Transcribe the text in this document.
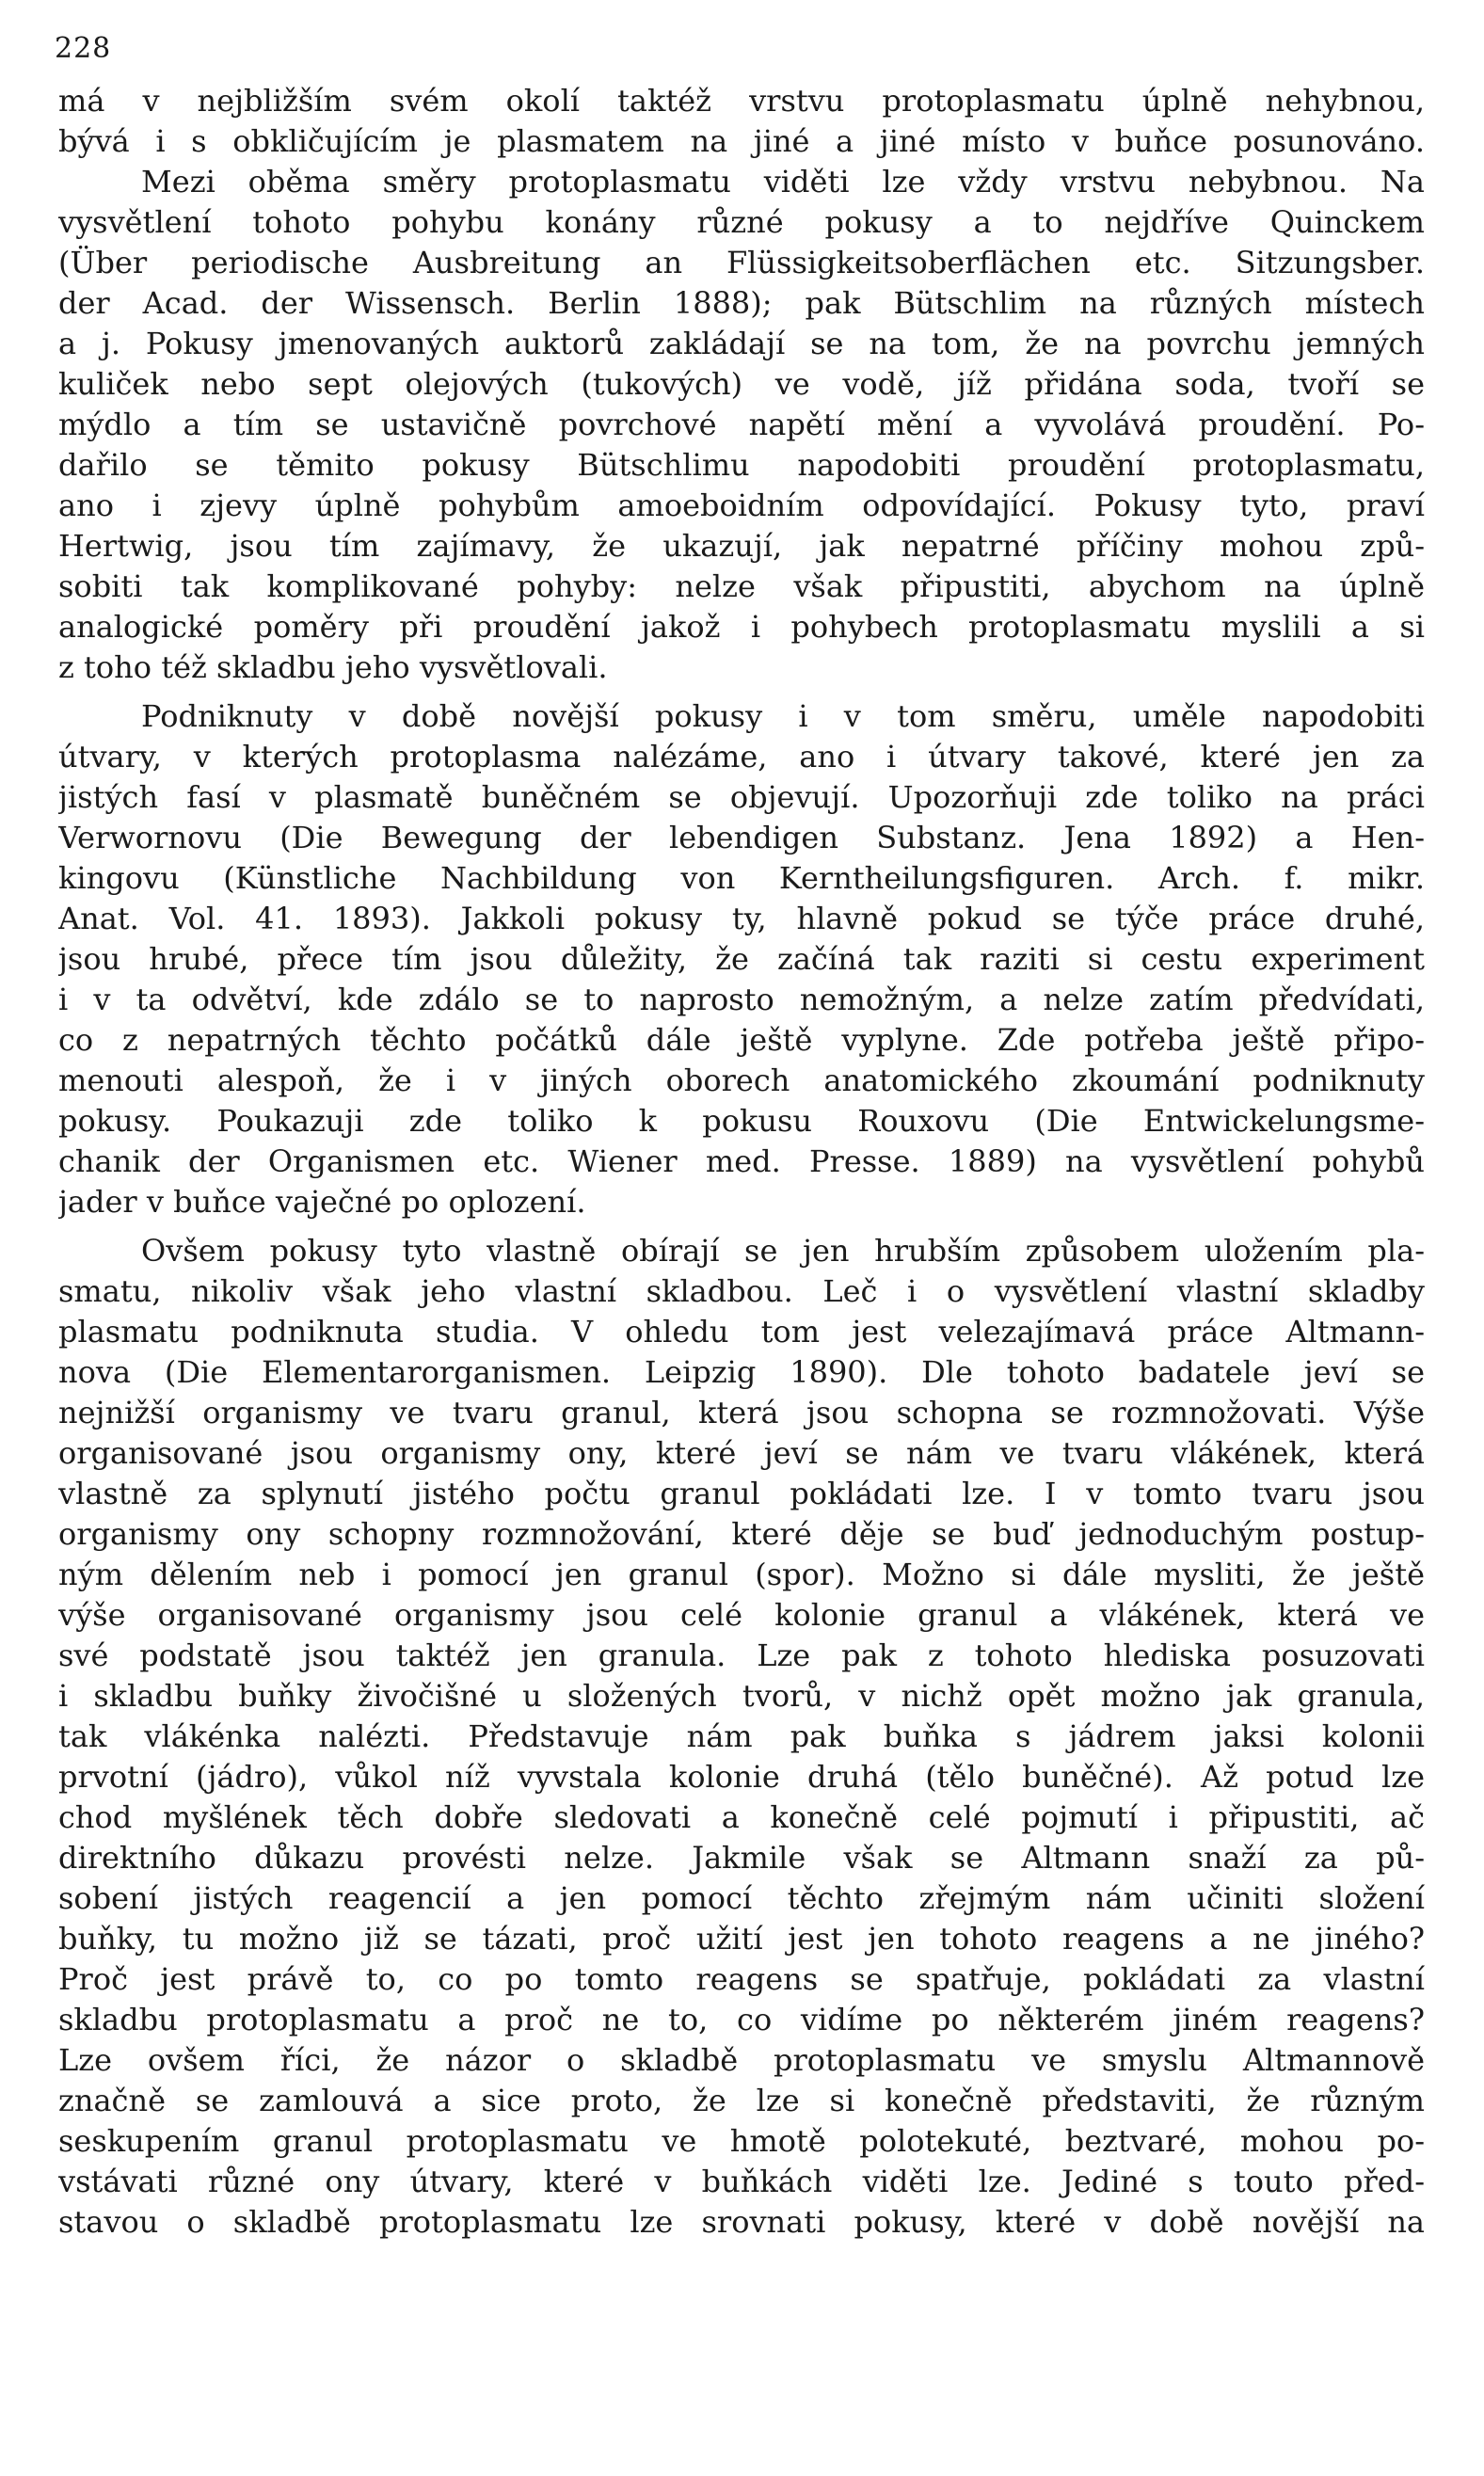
228
má v nejbližším svém okolí taktéž vrstvu protoplasmatu úplně nehybnou,
bývá i s obkličujícím je plasmatem na jiné a jiné místo v buňce posunováno.
Mezi oběma směry protoplasmatu viděti lze vždy vrstvu nebybnou. Na
vysvětlení tohoto pohybu konány různé pokusy a to nejdříve Quinckem
(Über periodische Ausbreitung an Flüssigkeitsoberflächen etc. Sitzungsber.
der Acad. der Wissensch. Berlin 1888); pak Bütschlim na různých místech
a j. Pokusy jmenovaných auktorů zakládají se na tom, že na povrchu jemných
kuliček nebo sept olejových (tukových) ve vodě, jíž přidána soda, tvoří se
mýdlo a tím se ustavičně povrchové napětí mění a vyvolává proudění. Po-
dařilo se těmito pokusy Bütschlimu napodobiti proudění protoplasmatu,
ano i zjevy úplně pohybům amoeboidním odpovídající. Pokusy tyto, praví
Hertwig, jsou tím zajímavy, že ukazují, jak nepatrné příčiny mohou způ-
sobiti tak komplikované pohyby: nelze však připustiti, abychom na úplně
analogické poměry při proudění jakož i pohybech protoplasmatu myslili a si
z toho též skladbu jeho vysvětlovali.
Podniknuty v době novější pokusy i v tom směru, uměle napodobiti
útvary, v kterých protoplasma nalézáme, ano i útvary takové, které jen za
jistých fasí v plasmatě buněčném se objevují. Upozorňuji zde toliko na práci
Verwornovu (Die Bewegung der lebendigen Substanz. Jena 1892) a Hen-
kingovu (Künstliche Nachbildung von Kerntheilungsfiguren. Arch. f. mikr.
Anat. Vol. 41. 1893). Jakkoli pokusy ty, hlavně pokud se týče práce druhé,
jsou hrubé, přece tím jsou důležity, že začíná tak raziti si cestu experiment
i v ta odvětví, kde zdálo se to naprosto nemožným, a nelze zatím předvídati,
co z nepatrných těchto počátků dále ještě vyplyne. Zde potřeba ještě připo-
menouti alespoň, že i v jiných oborech anatomického zkoumání podniknuty
pokusy. Poukazuji zde toliko k pokusu Rouxovu (Die Entwickelungsme-
chanik der Organismen etc. Wiener med. Presse. 1889) na vysvětlení pohybů
jader v buňce vaječné po oplození.
Ovšem pokusy tyto vlastně obírají se jen hrubším způsobem uložením pla-
smatu, nikoliv však jeho vlastní skladbou. Leč i o vysvětlení vlastní skladby
plasmatu podniknuta studia. V ohledu tom jest velezajímavá práce Altmann-
nova (Die Elementarorganismen. Leipzig 1890). Dle tohoto badatele jeví se
nejnižší organismy ve tvaru granul, která jsou schopna se rozmnožovati. Výše
organisované jsou organismy ony, které jeví se nám ve tvaru vlákének, která
vlastně za splynutí jistého počtu granul pokládati lze. I v tomto tvaru jsou
organismy ony schopny rozmnožování, které děje se buď jednoduchým postup-
ným dělením neb i pomocí jen granul (spor). Možno si dále mysliti, že ještě
výše organisované organismy jsou celé kolonie granul a vlákének, která ve
své podstatě jsou taktéž jen granula. Lze pak z tohoto hlediska posuzovati
i skladbu buňky živočišné u složených tvorů, v nichž opět možno jak granula,
tak vlákénka nalézti. Představuje nám pak buňka s jádrem jaksi kolonii
prvotní (jádro), vůkol níž vyvstala kolonie druhá (tělo buněčné). Až potud lze
chod myšlének těch dobře sledovati a konečně celé pojmutí i připustiti, ač
direktního důkazu provésti nelze. Jakmile však se Altmann snaží za pů-
sobení jistých reagencií a jen pomocí těchto zřejmým nám učiniti složení
buňky, tu možno již se tázati, proč užití jest jen tohoto reagens a ne jiného?
Proč jest právě to, co po tomto reagens se spatřuje, pokládati za vlastní
skladbu protoplasmatu a proč ne to, co vidíme po některém jiném reagens?
Lze ovšem říci, že názor o skladbě protoplasmatu ve smyslu Altmannově
značně se zamlouvá a sice proto, že lze si konečně představiti, že různým
seskupením granul protoplasmatu ve hmotě polotekuté, beztvaré, mohou po-
vstávati různé ony útvary, které v buňkách viděti lze. Jediné s touto před-
stavou o skladbě protoplasmatu lze srovnati pokusy, které v době novější na
